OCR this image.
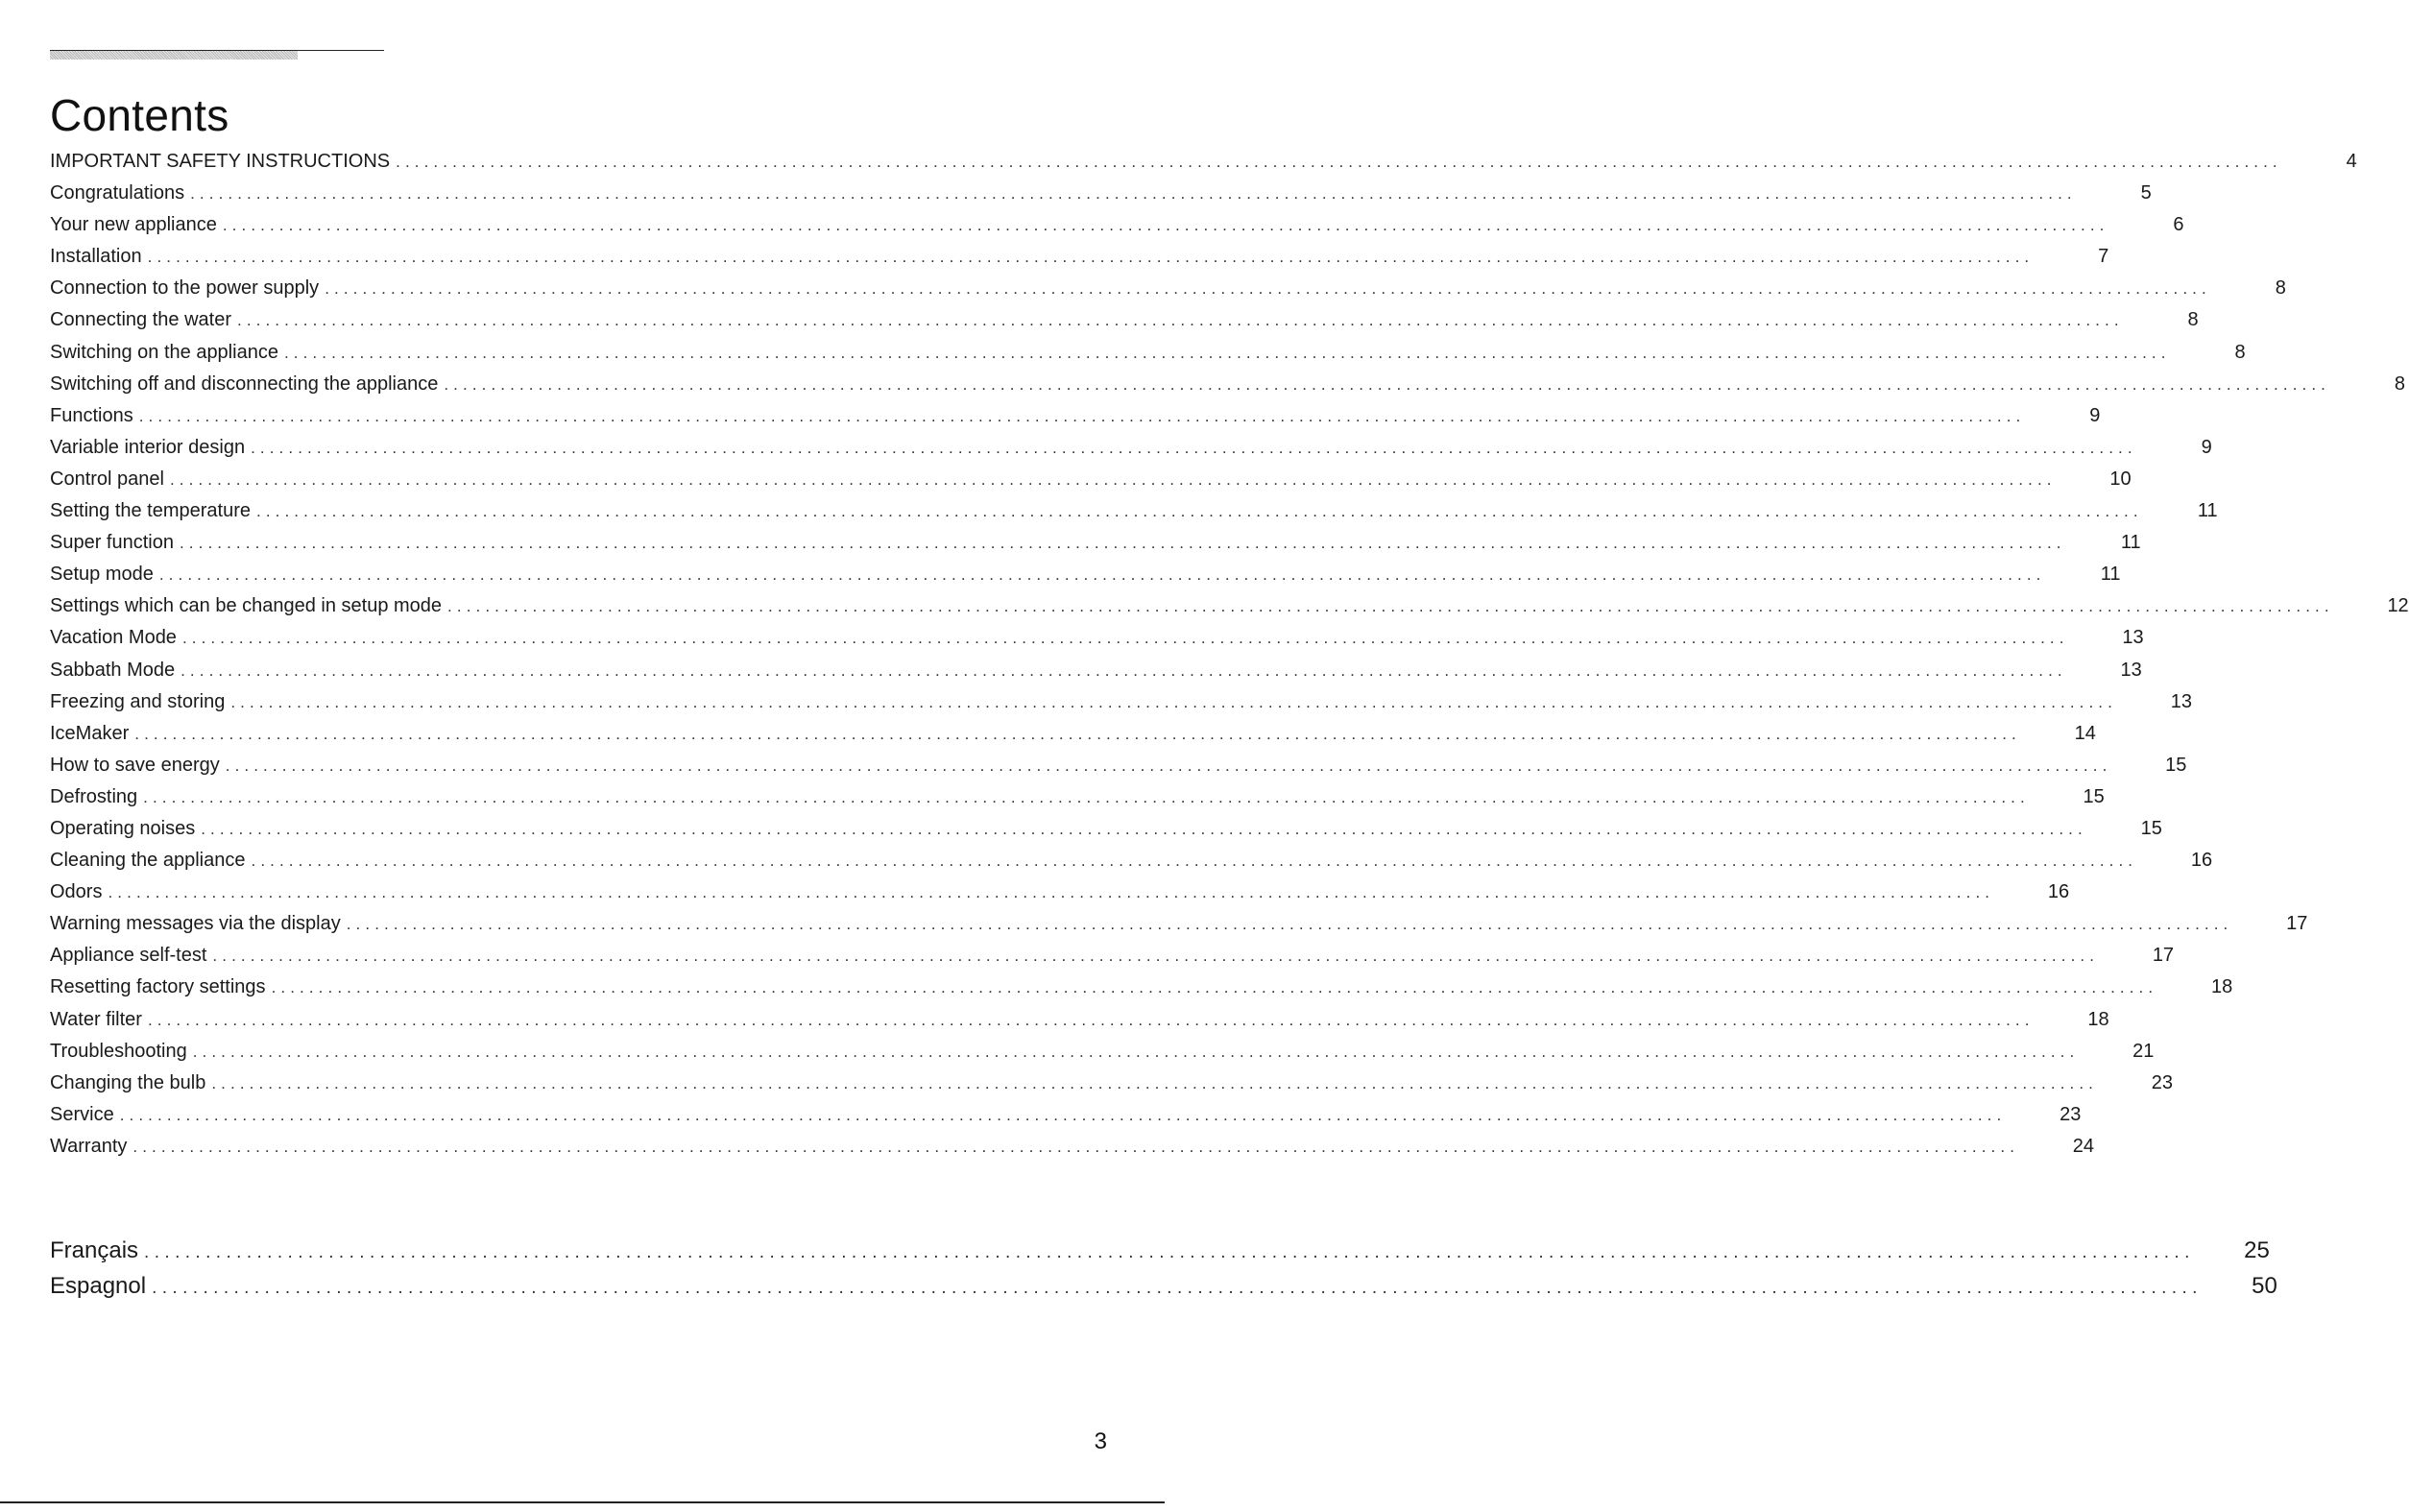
Contents
IMPORTANT SAFETY INSTRUCTIONS ........................................................................................................................................................................................................	4
Congratulations ........................................................................................................................................................................................................	5
Your new appliance ........................................................................................................................................................................................................	6
Installation ........................................................................................................................................................................................................	7
Connection to the power supply ........................................................................................................................................................................................................	8
Connecting the water ........................................................................................................................................................................................................	8
Switching on the appliance ........................................................................................................................................................................................................	8
Switching off and disconnecting the appliance ........................................................................................................................................................................................................	8
Functions ........................................................................................................................................................................................................	9
Variable interior design ........................................................................................................................................................................................................	9
Control panel ........................................................................................................................................................................................................	10
Setting the temperature ........................................................................................................................................................................................................	11
Super function ........................................................................................................................................................................................................	11
Setup mode ........................................................................................................................................................................................................	11
Settings which can be changed in setup mode ........................................................................................................................................................................................................	12
Vacation Mode ........................................................................................................................................................................................................	13
Sabbath Mode ........................................................................................................................................................................................................	13
Freezing and storing ........................................................................................................................................................................................................	13
IceMaker ........................................................................................................................................................................................................	14
How to save energy ........................................................................................................................................................................................................	15
Defrosting ........................................................................................................................................................................................................	15
Operating noises ........................................................................................................................................................................................................	15
Cleaning the appliance ........................................................................................................................................................................................................	16
Odors ........................................................................................................................................................................................................	16
Warning messages via the display ........................................................................................................................................................................................................	17
Appliance self-test ........................................................................................................................................................................................................	17
Resetting factory settings ........................................................................................................................................................................................................	18
Water filter ........................................................................................................................................................................................................	18
Troubleshooting ........................................................................................................................................................................................................	21
Changing the bulb ........................................................................................................................................................................................................	23
Service ........................................................................................................................................................................................................	23
Warranty ........................................................................................................................................................................................................	24
Français ........................................................................................................................................................................................................	25
Espagnol ........................................................................................................................................................................................................	50
3
